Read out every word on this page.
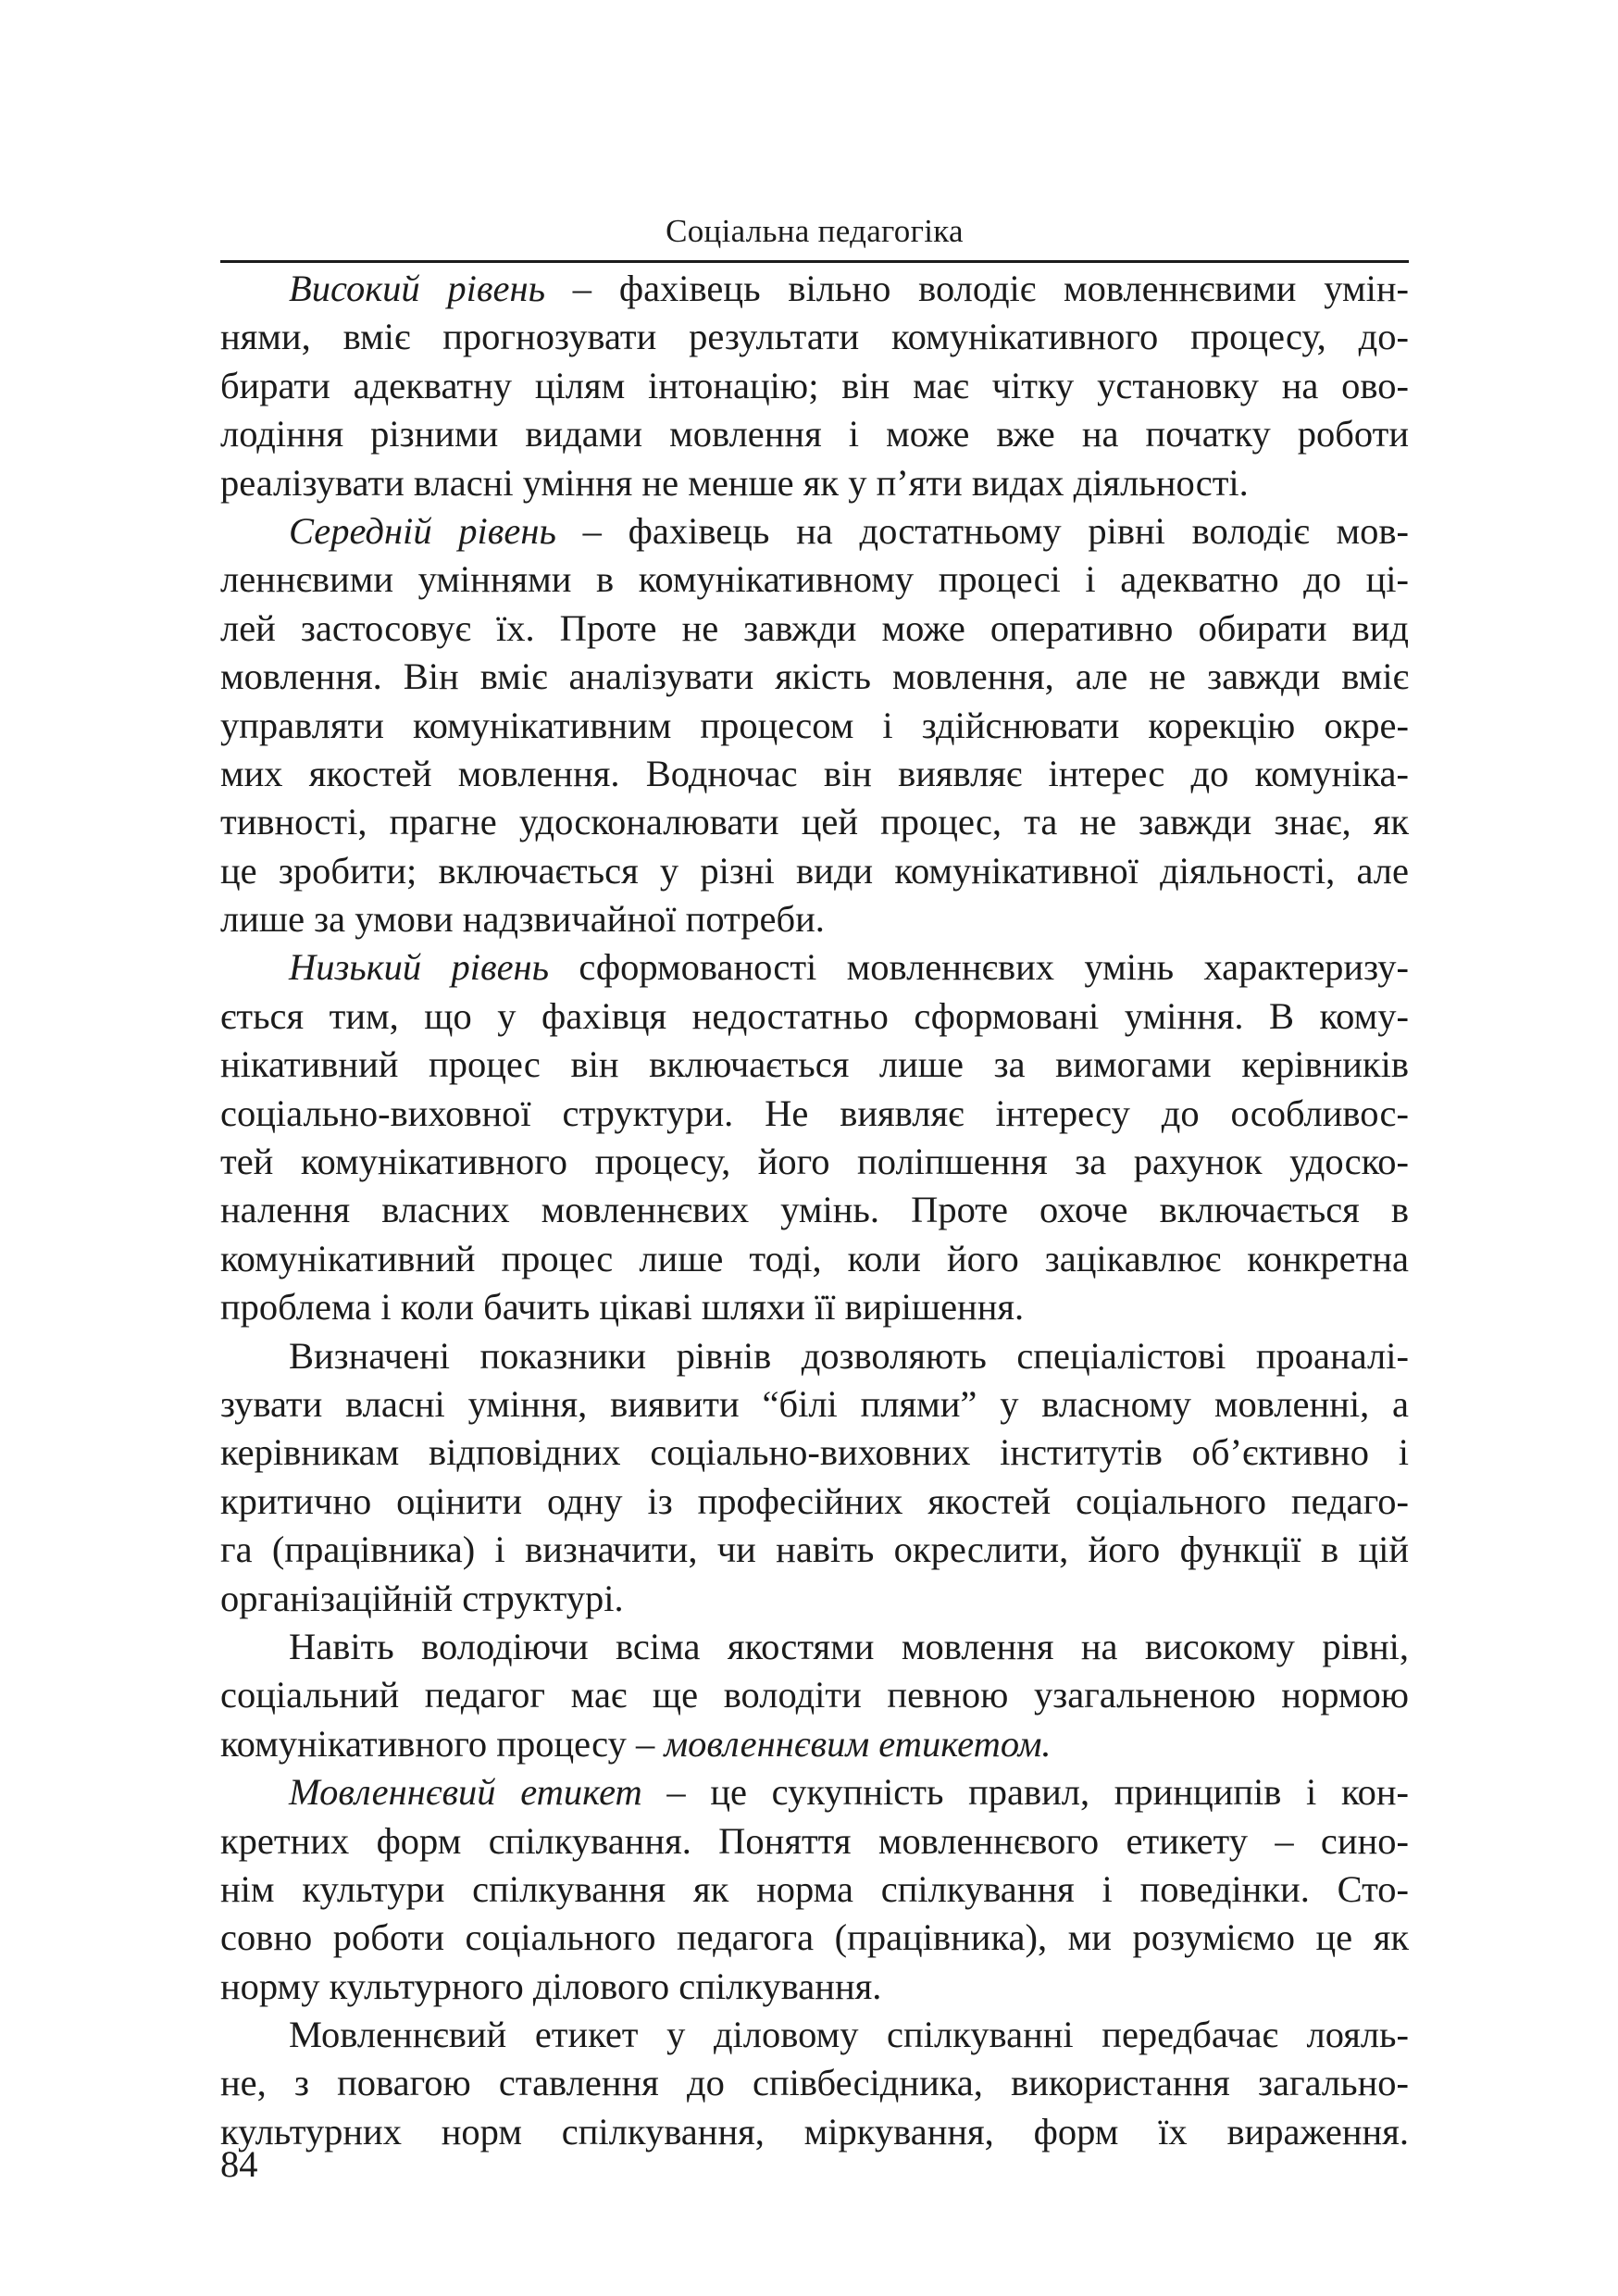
Соціальна педагогіка
Високий рівень – фахівець вільно володіє мовленнєвими умін-
нями, вміє прогнозувати результати комунікативного процесу, до-
бирати адекватну цілям інтонацію; він має чітку установку на ово-
лодіння різними видами мовлення і може вже на початку роботи
реалізувати власні уміння не менше як у п’яти видах діяльності.
Середній рівень – фахівець на достатньому рівні володіє мов-
леннєвими уміннями в комунікативному процесі і адекватно до ці-
лей застосовує їх. Проте не завжди може оперативно обирати вид
мовлення. Він вміє аналізувати якість мовлення, але не завжди вміє
управляти комунікативним процесом і здійснювати корекцію окре-
мих якостей мовлення. Водночас він виявляє інтерес до комуніка-
тивності, прагне удосконалювати цей процес, та не завжди знає, як
це зробити; включається у різні види комунікативної діяльності, але
лише за умови надзвичайної потреби.
Низький рівень сформованості мовленнєвих умінь характеризу-
ється тим, що у фахівця недостатньо сформовані уміння. В кому-
нікативний процес він включається лише за вимогами керівників
соціально-виховної структури. Не виявляє інтересу до особливос-
тей комунікативного процесу, його поліпшення за рахунок удоско-
налення власних мовленнєвих умінь. Проте охоче включається в
комунікативний процес лише тоді, коли його зацікавлює конкретна
проблема і коли бачить цікаві шляхи її вирішення.
Визначені показники рівнів дозволяють спеціалістові проаналі-
зувати власні уміння, виявити “білі плями” у власному мовленні, а
керівникам відповідних соціально-виховних інститутів об’єктивно і
критично оцінити одну із професійних якостей соціального педаго-
га (працівника) і визначити, чи навіть окреслити, його функції в цій
організаційній структурі.
Навіть володіючи всіма якостями мовлення на високому рівні,
соціальний педагог має ще володіти певною узагальненою нормою
комунікативного процесу – мовленнєвим етикетом.
Мовленнєвий етикет – це сукупність правил, принципів і кон-
кретних форм спілкування. Поняття мовленнєвого етикету – сино-
нім культури спілкування як норма спілкування і поведінки. Сто-
совно роботи соціального педагога (працівника), ми розуміємо це як
норму культурного ділового спілкування.
Мовленнєвий етикет у діловому спілкуванні передбачає лояль-
не, з повагою ставлення до співбесідника, використання загально-
культурних норм спілкування, міркування, форм їх вираження.
84
